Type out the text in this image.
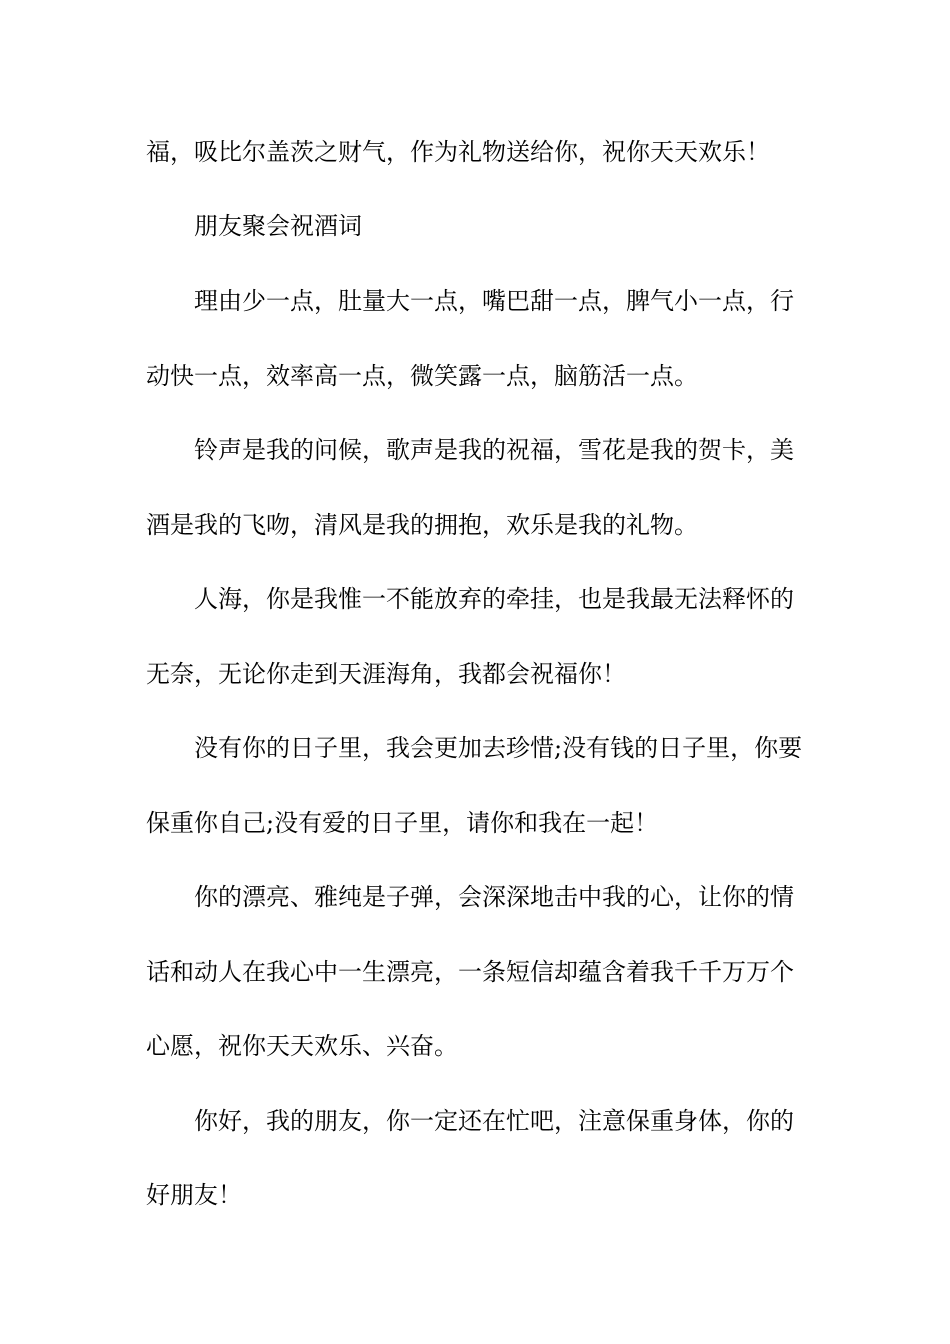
福，吸比尔盖茨之财气，作为礼物送给你，祝你天天欢乐！
朋友聚会祝酒词
理由少一点，肚量大一点，嘴巴甜一点，脾气小一点，行
动快一点，效率高一点，微笑露一点，脑筋活一点。
铃声是我的问候，歌声是我的祝福，雪花是我的贺卡，美
酒是我的飞吻，清风是我的拥抱，欢乐是我的礼物。
人海，你是我惟一不能放弃的牵挂，也是我最无法释怀的
无奈，无论你走到天涯海角，我都会祝福你！
没有你的日子里，我会更加去珍惜;没有钱的日子里，你要
保重你自己;没有爱的日子里，请你和我在一起！
你的漂亮、雅纯是子弹，会深深地击中我的心，让你的情
话和动人在我心中一生漂亮，一条短信却蕴含着我千千万万个
心愿，祝你天天欢乐、兴奋。
你好，我的朋友，你一定还在忙吧，注意保重身体，你的
好朋友！
